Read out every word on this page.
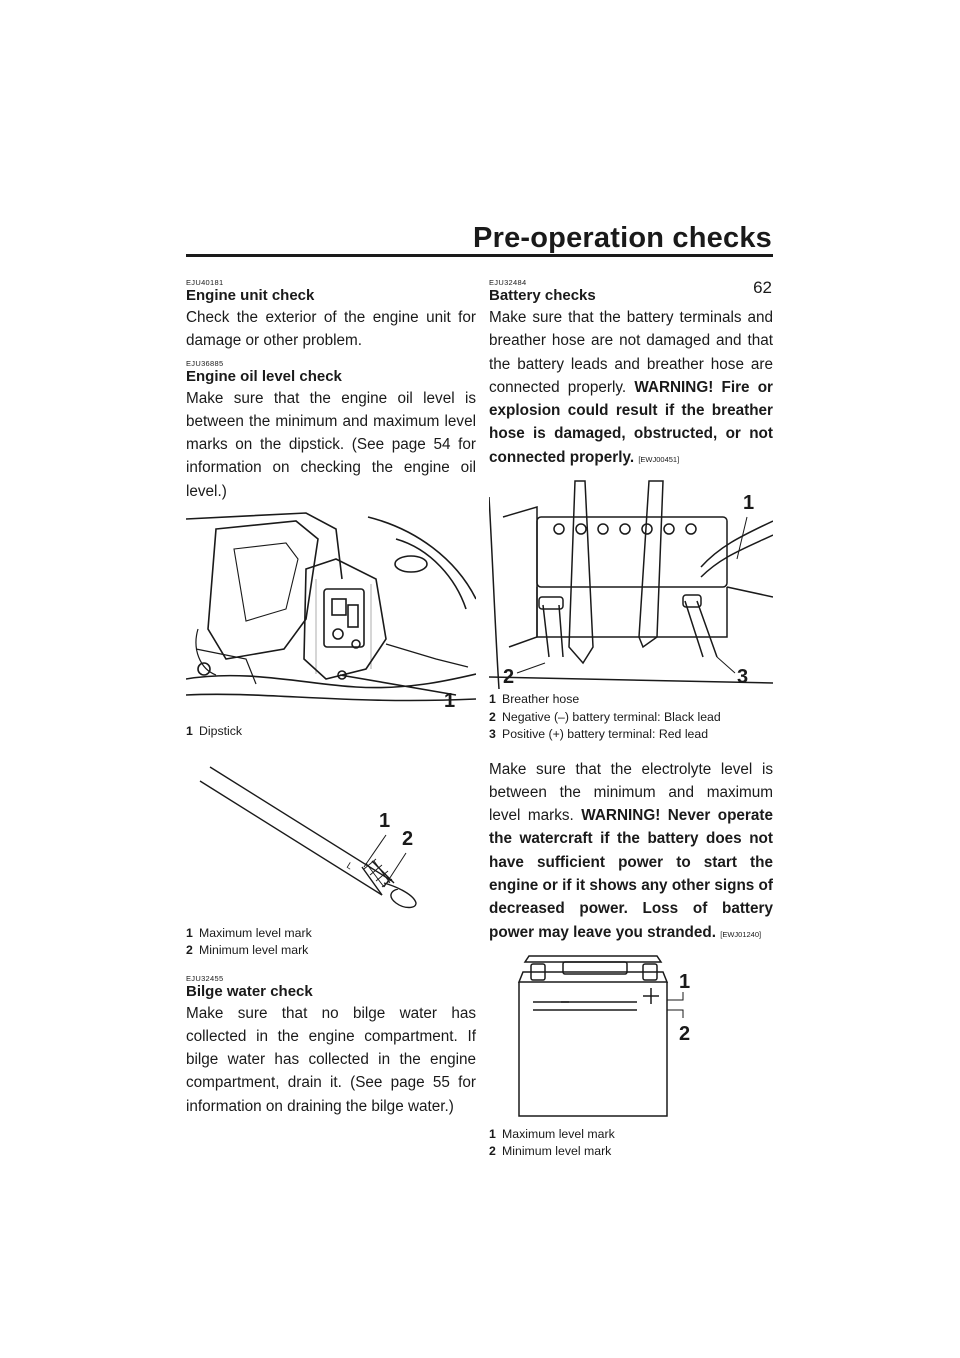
Pre-operation checks
62
EJU40181
Engine unit check

Check the exterior of the engine unit for damage or other problem.

EJU36885
Engine oil level check

Make sure that the engine oil level is between the minimum and maximum level marks on the dipstick. (See page 54 for information on checking the engine oil level.)

1
1 Dipstick
L
1
2
1 Maximum level mark
2 Minimum level mark
EJU32455
Bilge water check

Make sure that no bilge water has collected in the engine compartment. If bilge water has collected in the engine compartment, drain it. (See page 55 for information on draining the bilge water.)

EJU32484
Battery checks

Make sure that the battery terminals and breather hose are not damaged and that the battery leads and breather hose are connected properly. WARNING! Fire or explosion could result if the breather hose is damaged, obstructed, or not connected properly. [EWJ00451]

1
2	3
1 Breather hose
2 Negative (–) battery terminal: Black lead
3 Positive (+) battery terminal: Red lead

Make sure that the electrolyte level is between the minimum and maximum level marks. WARNING! Never operate the watercraft if the battery does not have sufficient power to start the engine or if it shows any other signs of decreased power. Loss of battery power may leave you stranded. [EWJ01240]

1
2
1 Maximum level mark
2 Minimum level mark
